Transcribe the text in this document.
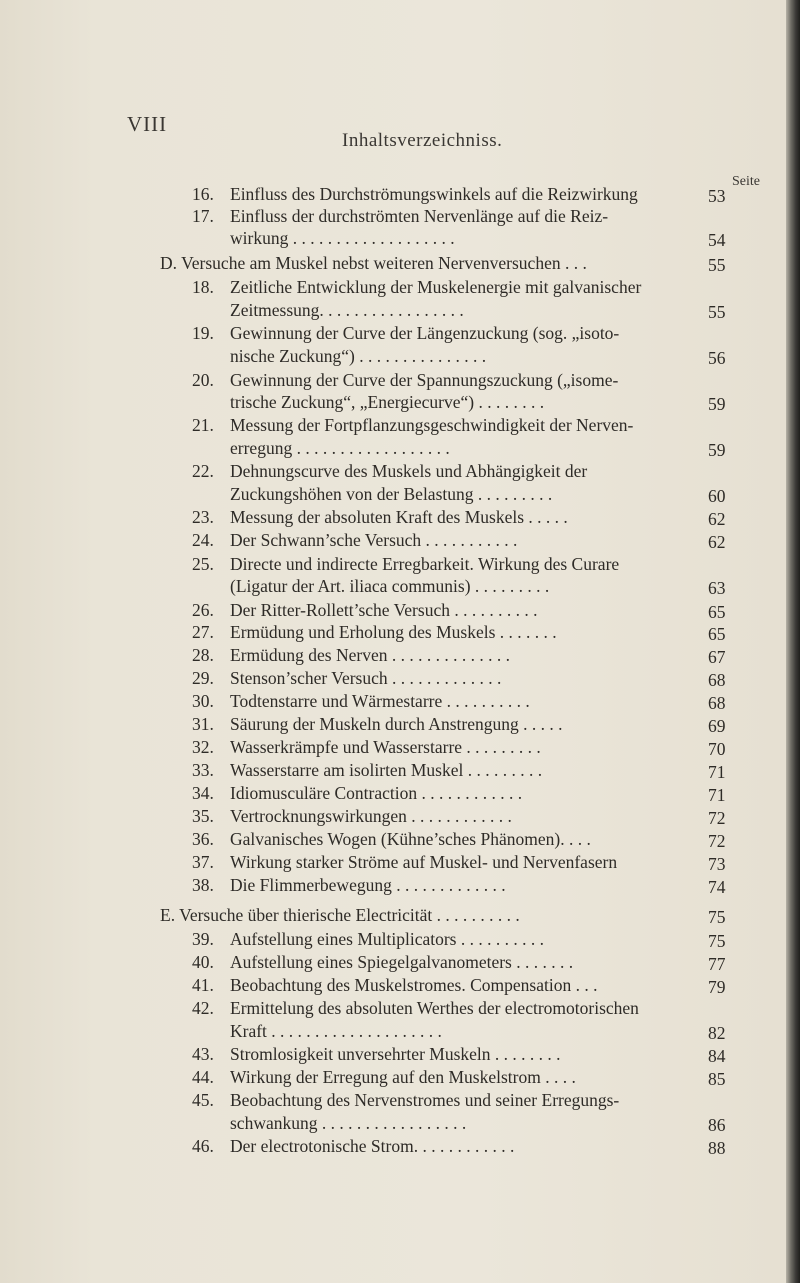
VIII
Inhaltsverzeichniss.
Seite
16. Einfluss des Durchströmungswinkels auf die Reizwirkung	53
17. Einfluss der durchströmten Nervenlänge auf die Reiz-
wirkung . . . . . . . . . . . . . . . . . . .	54
D. Versuche am Muskel nebst weiteren Nervenversuchen . . .	55
18. Zeitliche Entwicklung der Muskelenergie mit galvanischer
Zeitmessung. . . . . . . . . . . . . . . . .	55
19. Gewinnung der Curve der Längenzuckung (sog. „isoto-
nische Zuckung“) . . . . . . . . . . . . . . .	56
20. Gewinnung der Curve der Spannungszuckung („isome-
trische Zuckung“, „Energiecurve“) . . . . . . . .	59
21. Messung der Fortpflanzungsgeschwindigkeit der Nerven-
erregung . . . . . . . . . . . . . . . . . .	59
22. Dehnungscurve des Muskels und Abhängigkeit der
Zuckungshöhen von der Belastung . . . . . . . . .	60
23. Messung der absoluten Kraft des Muskels . . . . .	62
24. Der Schwann’sche Versuch . . . . . . . . . . .	62
25. Directe und indirecte Erregbarkeit. Wirkung des Curare
(Ligatur der Art. iliaca communis) . . . . . . . . .	63
26. Der Ritter-Rollett’sche Versuch . . . . . . . . . .	65
27. Ermüdung und Erholung des Muskels . . . . . . .	65
28. Ermüdung des Nerven . . . . . . . . . . . . . .	67
29. Stenson’scher Versuch . . . . . . . . . . . . .	68
30. Todtenstarre und Wärmestarre . . . . . . . . . .	68
31. Säurung der Muskeln durch Anstrengung . . . . .	69
32. Wasserkrämpfe und Wasserstarre . . . . . . . . .	70
33. Wasserstarre am isolirten Muskel . . . . . . . . .	71
34. Idiomusculäre Contraction . . . . . . . . . . . .	71
35. Vertrocknungswirkungen . . . . . . . . . . . .	72
36. Galvanisches Wogen (Kühne’sches Phänomen). . . .	72
37. Wirkung starker Ströme auf Muskel- und Nervenfasern	73
38. Die Flimmerbewegung . . . . . . . . . . . . .	74
E. Versuche über thierische Electricität . . . . . . . . . .	75
39. Aufstellung eines Multiplicators . . . . . . . . . .	75
40. Aufstellung eines Spiegelgalvanometers . . . . . . .	77
41. Beobachtung des Muskelstromes. Compensation . . .	79
42. Ermittelung des absoluten Werthes der electromotorischen
Kraft . . . . . . . . . . . . . . . . . . . .	82
43. Stromlosigkeit unversehrter Muskeln . . . . . . . .	84
44. Wirkung der Erregung auf den Muskelstrom . . . .	85
45. Beobachtung des Nervenstromes und seiner Erregungs-
schwankung . . . . . . . . . . . . . . . . .	86
46. Der electrotonische Strom. . . . . . . . . . . .	88
